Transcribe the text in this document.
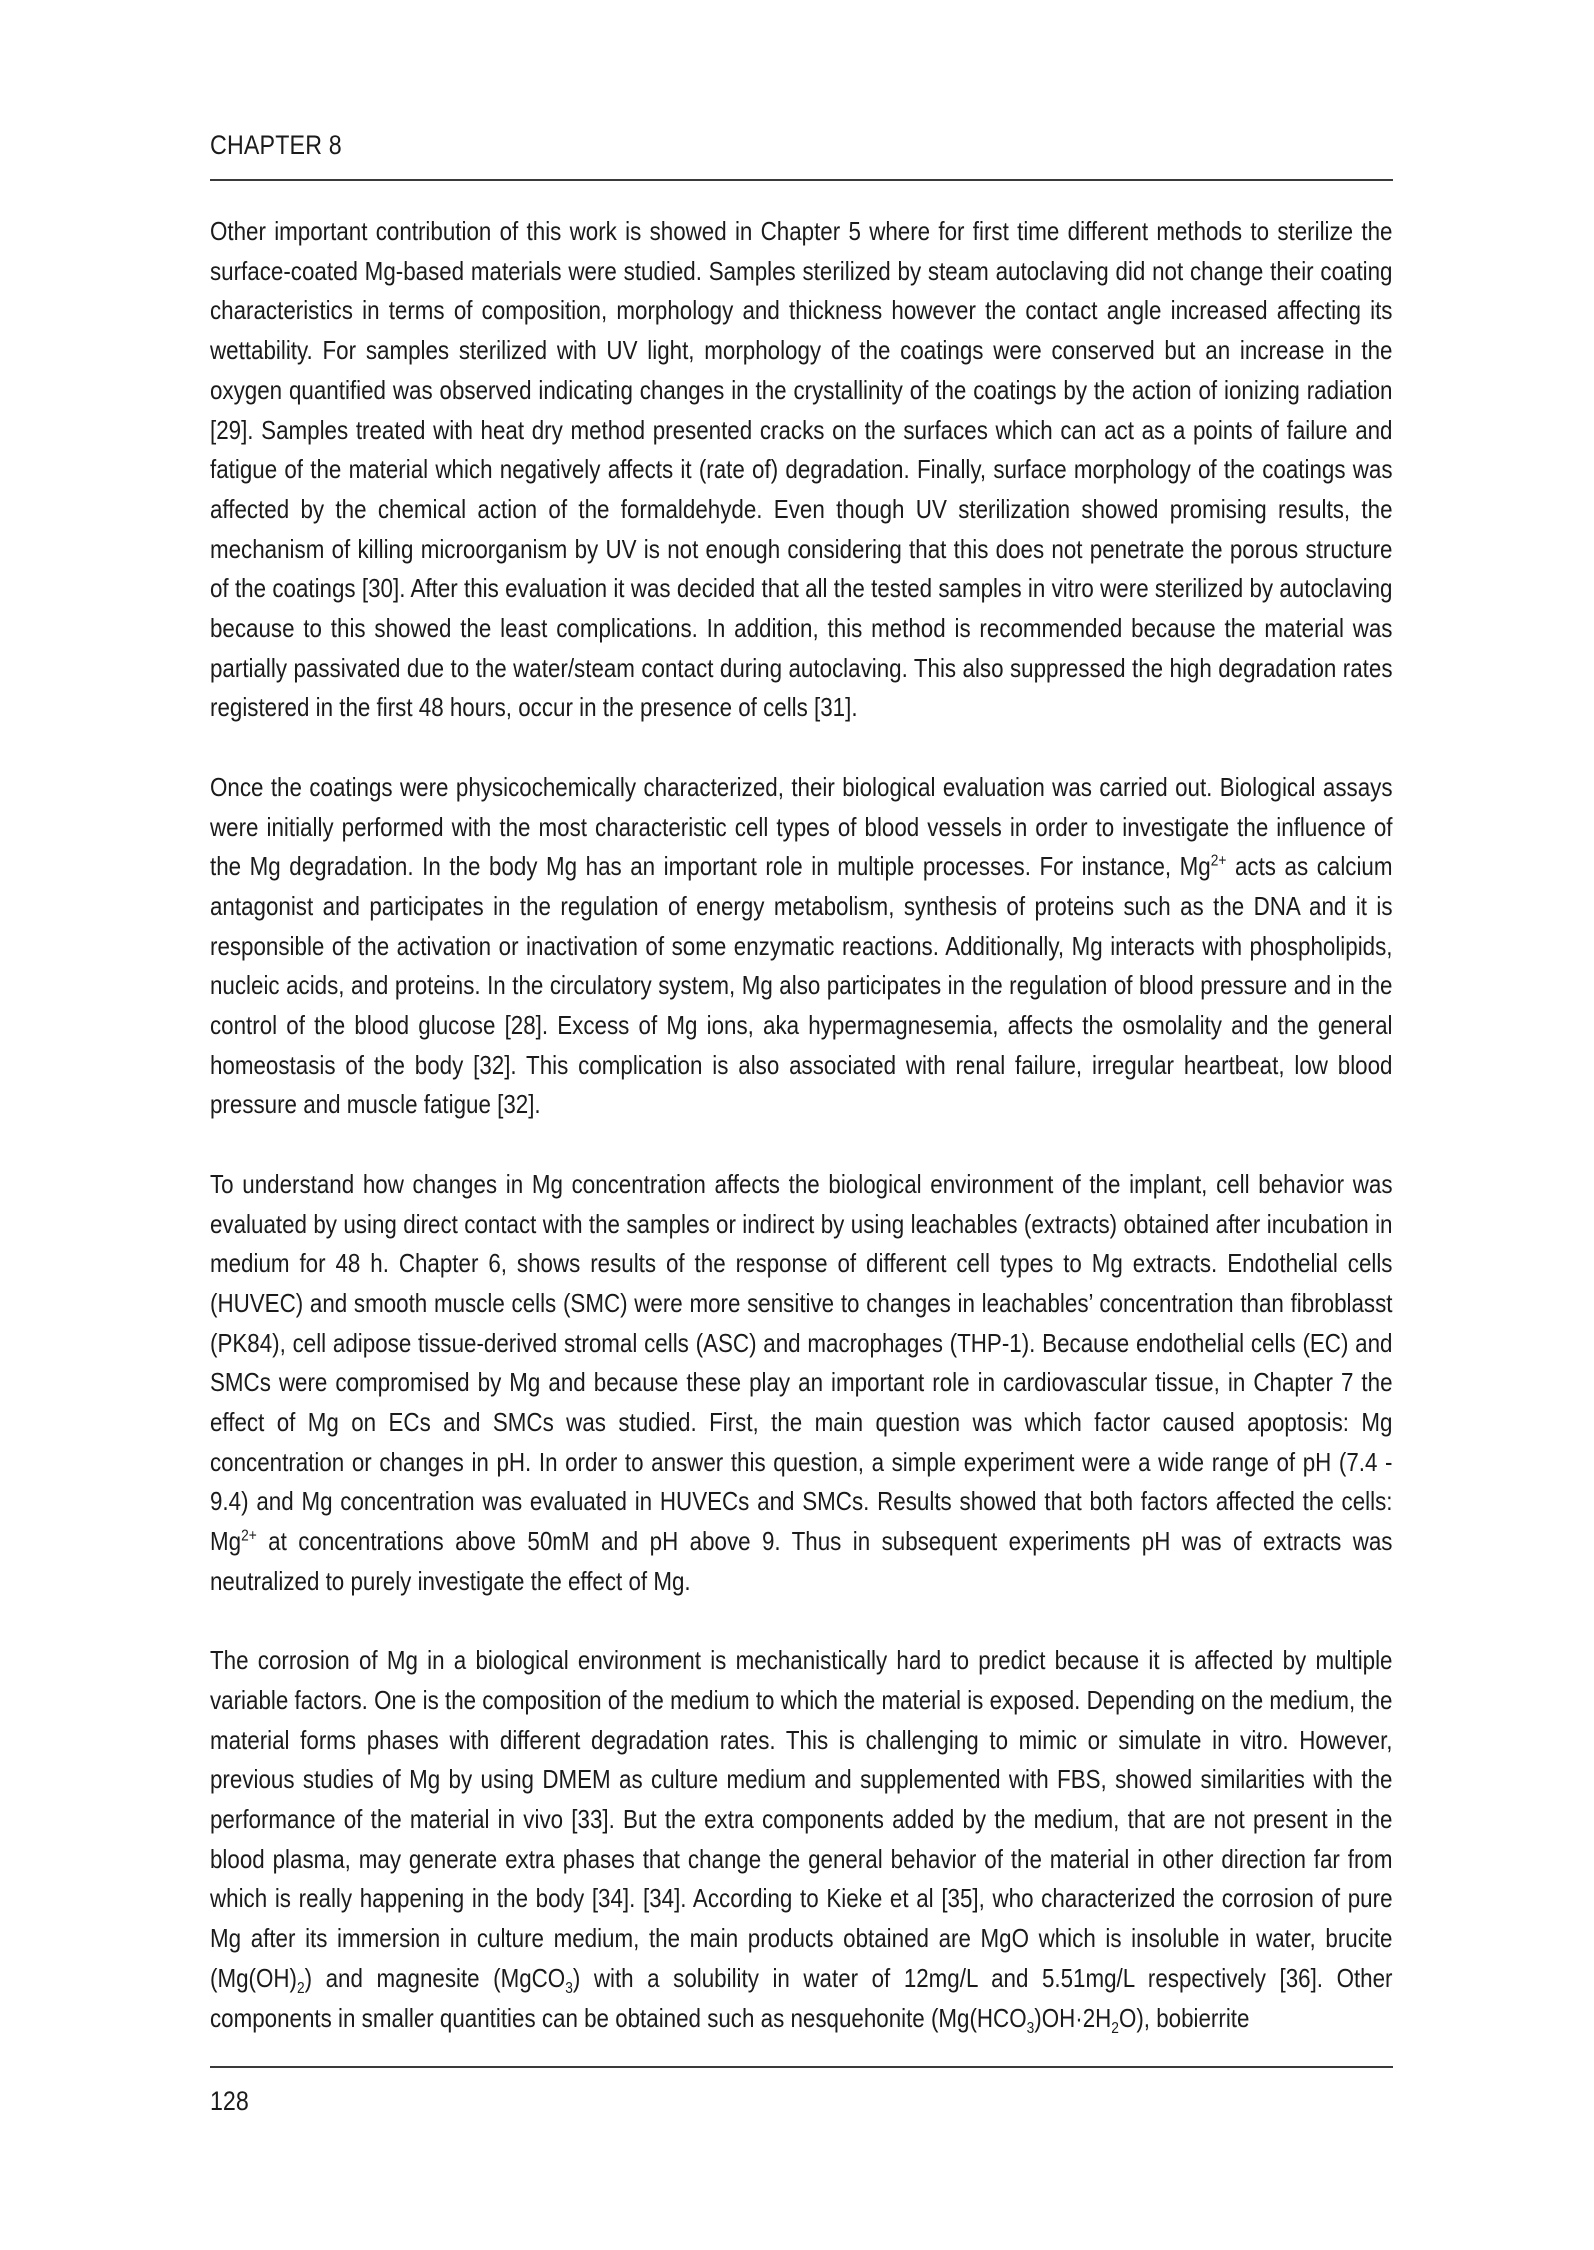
CHAPTER 8

Other important contribution of this work is showed in Chapter 5 where for first time different methods to sterilize the surface-coated Mg-based materials were studied. Samples sterilized by steam autoclaving did not change their coating characteristics in terms of composition, morphology and thickness however the contact angle increased affecting its wettability. For samples sterilized with UV light, morphology of the coatings were conserved but an increase in the oxygen quantified was observed indicating changes in the crystallinity of the coatings by the action of ionizing radiation [29]. Samples treated with heat dry method presented cracks on the surfaces which can act as a points of failure and fatigue of the material which negatively affects it (rate of) degradation. Finally, surface morphology of the coatings was affected by the chemical action of the formaldehyde. Even though UV sterilization showed promising results, the mechanism of killing microorganism by UV is not enough considering that this does not penetrate the porous structure of the coatings [30]. After this evaluation it was decided that all the tested samples in vitro were sterilized by autoclaving because to this showed the least complications. In addition, this method is recommended because the material was partially passivated due to the water/steam contact during autoclaving. This also suppressed the high degradation rates registered in the first 48 hours, occur in the presence of cells [31].

Once the coatings were physicochemically characterized, their biological evaluation was carried out. Biological assays were initially performed with the most characteristic cell types of blood vessels in order to investigate the influence of the Mg degradation. In the body Mg has an important role in multiple processes. For instance, $Mg^{2+}$ acts as calcium antagonist and participates in the regulation of energy metabolism, synthesis of proteins such as the DNA and it is responsible of the activation or inactivation of some enzymatic reactions. Additionally, Mg interacts with phospholipids, nucleic acids, and proteins. In the circulatory system, Mg also participates in the regulation of blood pressure and in the control of the blood glucose [28]. Excess of Mg ions, aka hypermagnesemia, affects the osmolality and the general homeostasis of the body [32]. This complication is also associated with renal failure, irregular heartbeat, low blood pressure and muscle fatigue [32].

To understand how changes in Mg concentration affects the biological environment of the implant, cell behavior was evaluated by using direct contact with the samples or indirect by using leachables (extracts) obtained after incubation in medium for 48 h. Chapter 6, shows results of the response of different cell types to Mg extracts. Endothelial cells (HUVEC) and smooth muscle cells (SMC) were more sensitive to changes in leachables’ concentration than fibroblasst (PK84), cell adipose tissue-derived stromal cells (ASC) and macrophages (THP-1). Because endothelial cells (EC) and SMCs were compromised by Mg and because these play an important role in cardiovascular tissue, in Chapter 7 the effect of Mg on ECs and SMCs was studied. First, the main question was which factor caused apoptosis: Mg concentration or changes in pH. In order to answer this question, a simple experiment were a wide range of pH (7.4 - 9.4) and Mg concentration was evaluated in HUVECs and SMCs. Results showed that both factors affected the cells: $Mg^{2+}$ at concentrations above 50mM and pH above 9. Thus in subsequent experiments pH was of extracts was neutralized to purely investigate the effect of Mg.

The corrosion of Mg in a biological environment is mechanistically hard to predict because it is affected by multiple variable factors. One is the composition of the medium to which the material is exposed. Depending on the medium, the material forms phases with different degradation rates. This is challenging to mimic or simulate in vitro. However, previous studies of Mg by using DMEM as culture medium and supplemented with FBS, showed similarities with the performance of the material in vivo [33]. But the extra components added by the medium, that are not present in the blood plasma, may generate extra phases that change the general behavior of the material in other direction far from which is really happening in the body [34]. [34]. According to Kieke et al [35], who characterized the corrosion of pure Mg after its immersion in culture medium, the main products obtained are MgO which is insoluble in water, brucite $(Mg(OH)_2)$ and magnesite (MgCO$_3$) with a solubility in water of 12mg/L and 5.51mg/L respectively [36]. Other components in smaller quantities can be obtained such as nesquehonite $(Mg(HCO_3)OH\cdot 2H_2O)$, bobierrite

128
